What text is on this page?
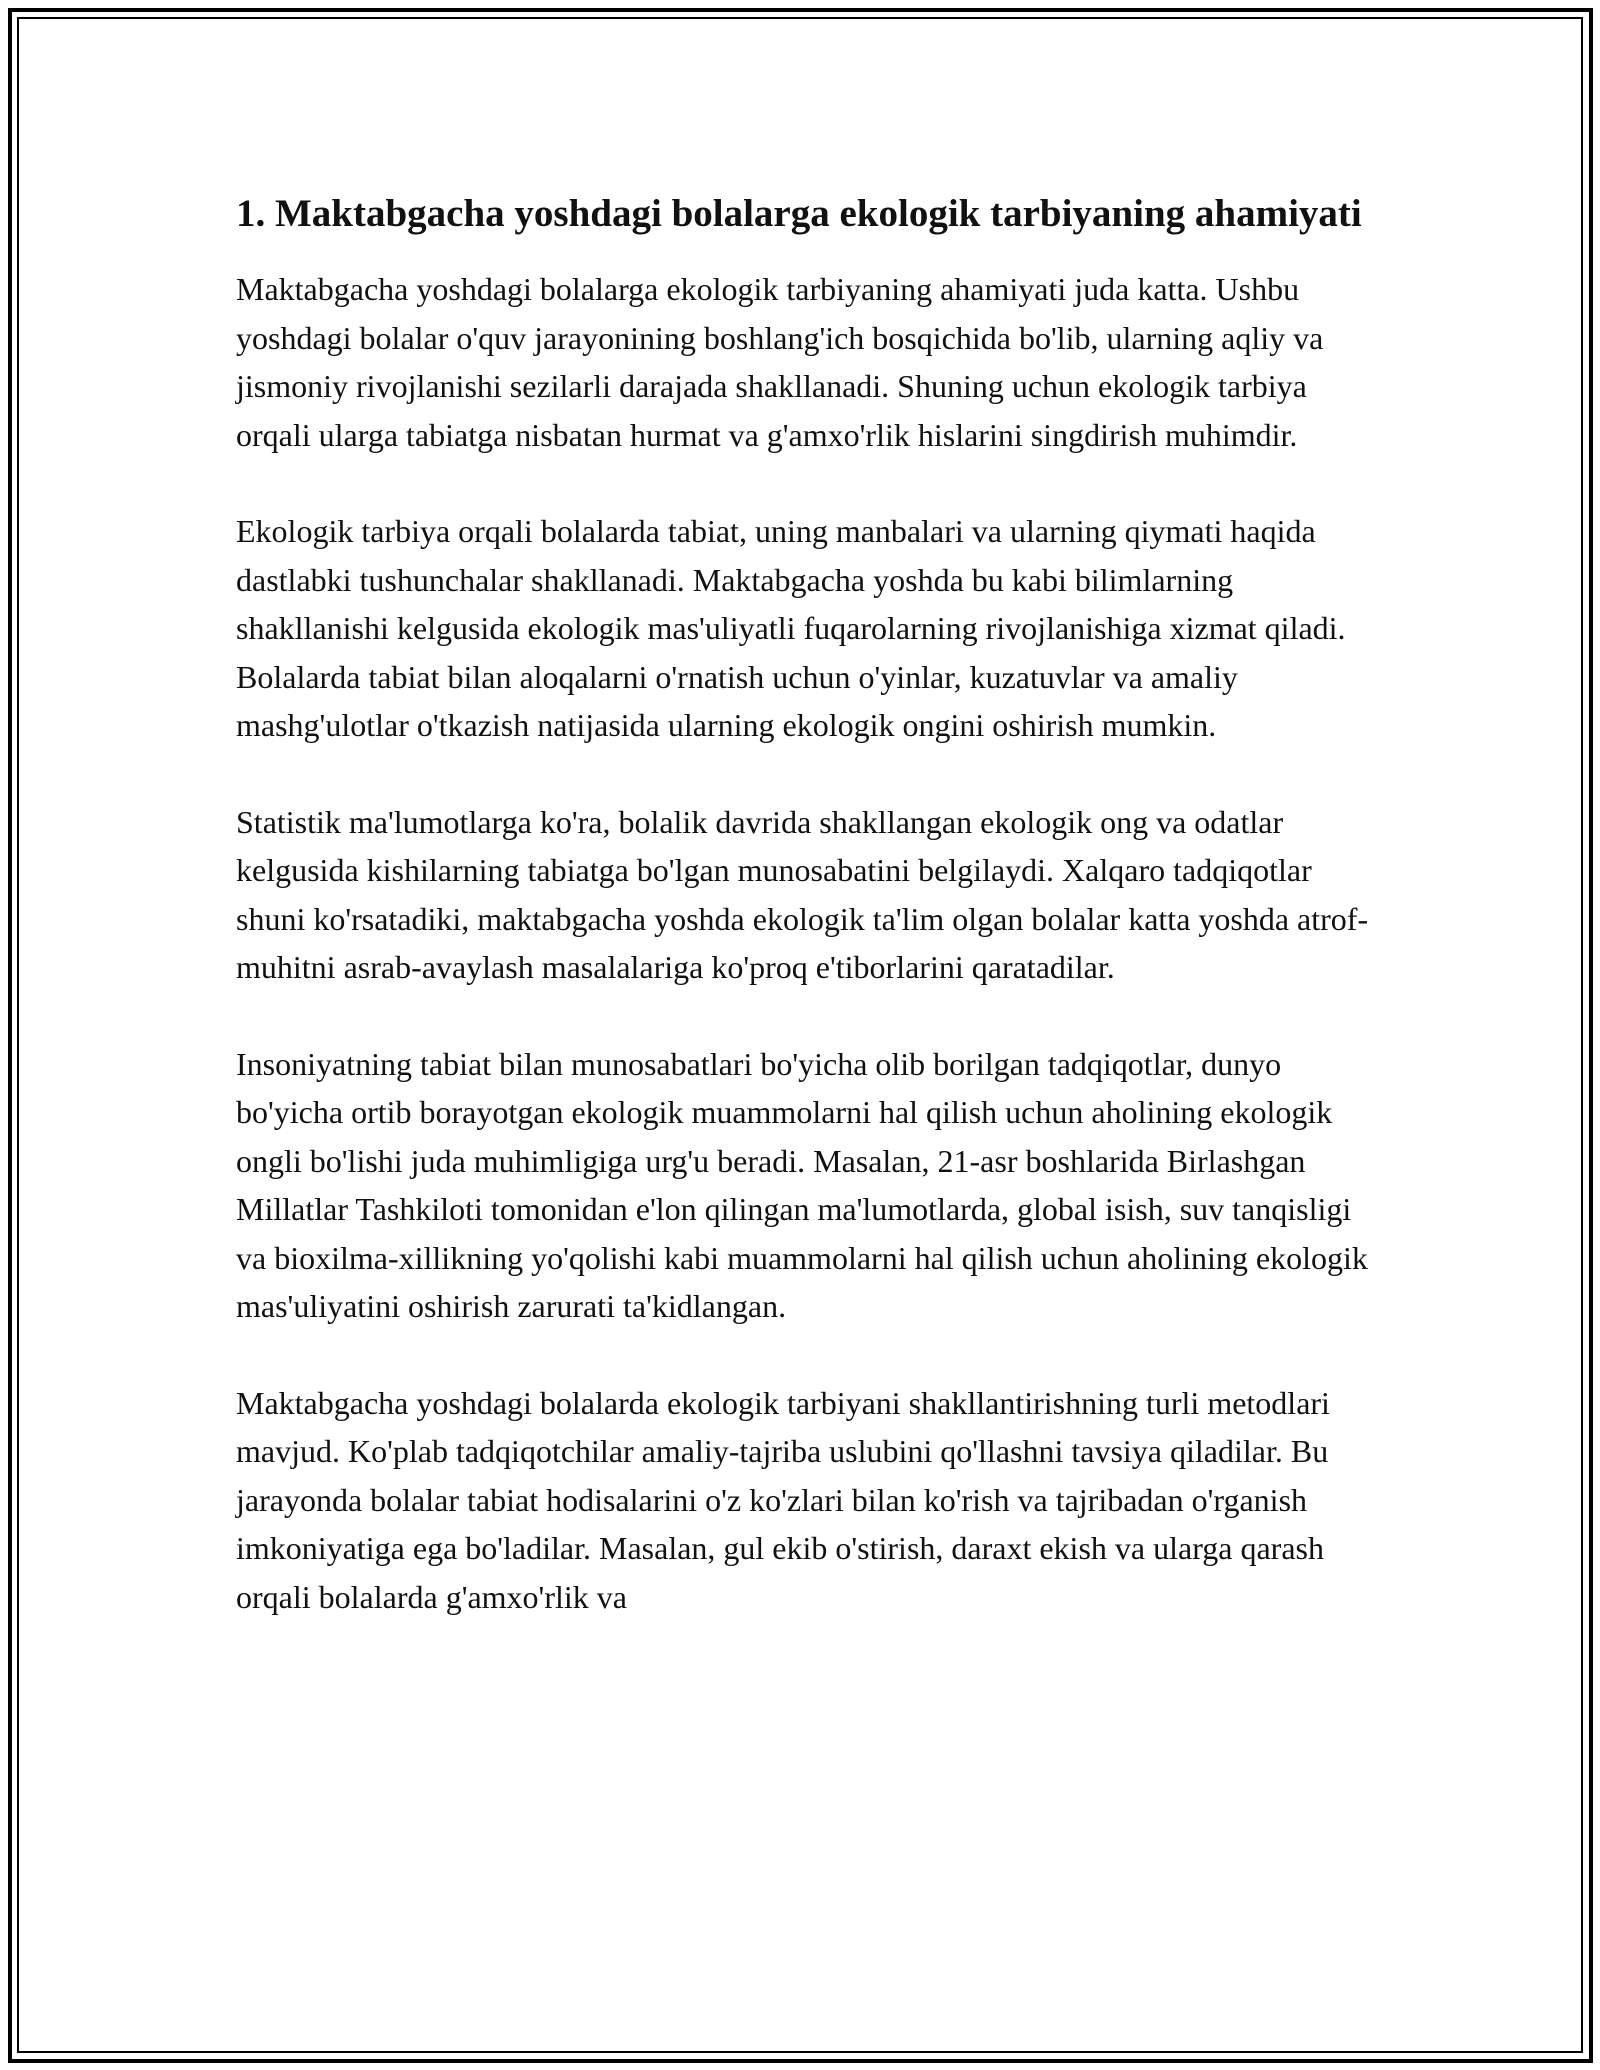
1. Maktabgacha yoshdagi bolalarga ekologik tarbiyaning ahamiyati

Maktabgacha yoshdagi bolalarga ekologik tarbiyaning ahamiyati juda katta. Ushbu yoshdagi bolalar o'quv jarayonining boshlang'ich bosqichida bo'lib, ularning aqliy va jismoniy rivojlanishi sezilarli darajada shakllanadi. Shuning uchun ekologik tarbiya orqali ularga tabiatga nisbatan hurmat va g'amxo'rlik hislarini singdirish muhimdir.

Ekologik tarbiya orqali bolalarda tabiat, uning manbalari va ularning qiymati haqida dastlabki tushunchalar shakllanadi. Maktabgacha yoshda bu kabi bilimlarning shakllanishi kelgusida ekologik mas'uliyatli fuqarolarning rivojlanishiga xizmat qiladi. Bolalarda tabiat bilan aloqalarni o'rnatish uchun o'yinlar, kuzatuvlar va amaliy mashg'ulotlar o'tkazish natijasida ularning ekologik ongini oshirish mumkin.

Statistik ma'lumotlarga ko'ra, bolalik davrida shakllangan ekologik ong va odatlar kelgusida kishilarning tabiatga bo'lgan munosabatini belgilaydi. Xalqaro tadqiqotlar shuni ko'rsatadiki, maktabgacha yoshda ekologik ta'lim olgan bolalar katta yoshda atrof-muhitni asrab-avaylash masalalariga ko'proq e'tiborlarini qaratadilar.

Insoniyatning tabiat bilan munosabatlari bo'yicha olib borilgan tadqiqotlar, dunyo bo'yicha ortib borayotgan ekologik muammolarni hal qilish uchun aholining ekologik ongli bo'lishi juda muhimligiga urg'u beradi. Masalan, 21-asr boshlarida Birlashgan Millatlar Tashkiloti tomonidan e'lon qilingan ma'lumotlarda, global isish, suv tanqisligi va bioxilma-xillikning yo'qolishi kabi muammolarni hal qilish uchun aholining ekologik mas'uliyatini oshirish zarurati ta'kidlangan.

Maktabgacha yoshdagi bolalarda ekologik tarbiyani shakllantirishning turli metodlari mavjud. Ko'plab tadqiqotchilar amaliy-tajriba uslubini qo'llashni tavsiya qiladilar. Bu jarayonda bolalar tabiat hodisalarini o'z ko'zlari bilan ko'rish va tajribadan o'rganish imkoniyatiga ega bo'ladilar. Masalan, gul ekib o'stirish, daraxt ekish va ularga qarash orqali bolalarda g'amxo'rlik va
